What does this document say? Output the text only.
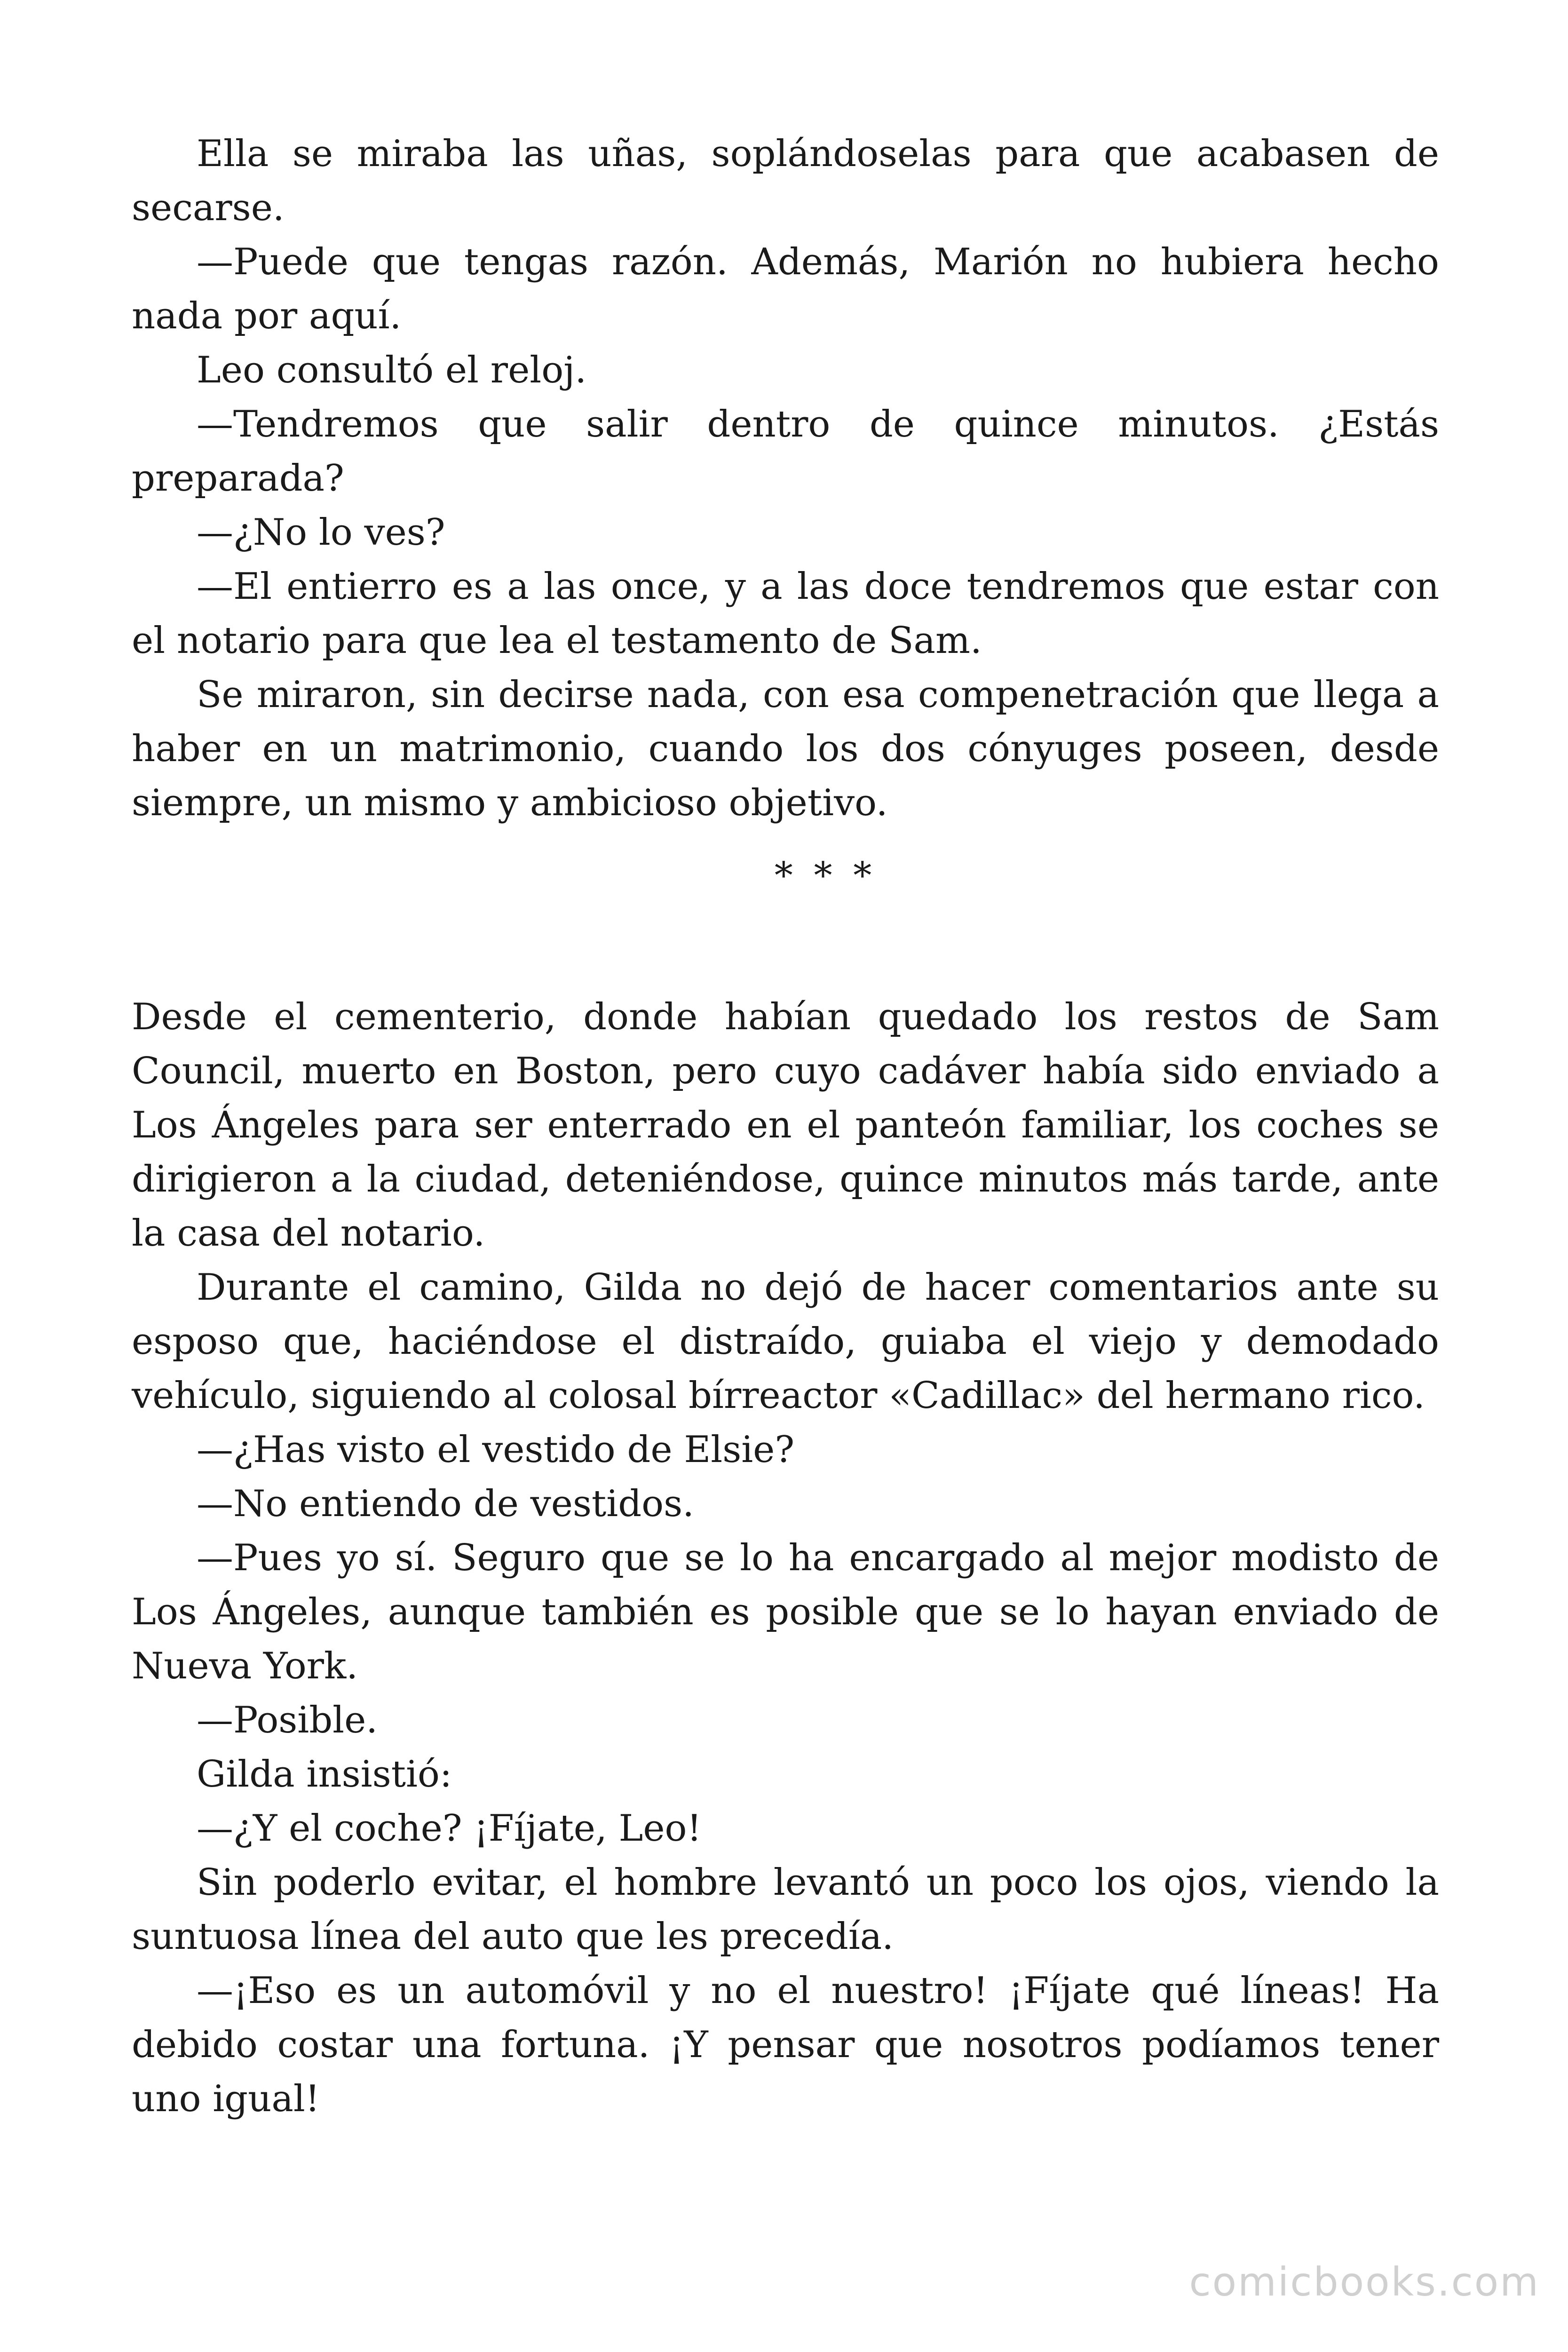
Ella se miraba las uñas, soplándoselas para que acabasen de secarse.

—Puede que tengas razón. Además, Marión no hubiera hecho nada por aquí.

Leo consultó el reloj.

—Tendremos que salir dentro de quince minutos. ¿Estás preparada?

—¿No lo ves?

—El entierro es a las once, y a las doce tendremos que estar con el notario para que lea el testamento de Sam.

Se miraron, sin decirse nada, con esa compenetración que llega a haber en un matrimonio, cuando los dos cónyuges poseen, desde siempre, un mismo y ambicioso objetivo.

* * *

Desde el cementerio, donde habían quedado los restos de Sam Council, muerto en Boston, pero cuyo cadáver había sido enviado a Los Ángeles para ser enterrado en el panteón familiar, los coches se dirigieron a la ciudad, deteniéndose, quince minutos más tarde, ante la casa del notario.

Durante el camino, Gilda no dejó de hacer comentarios ante su esposo que, haciéndose el distraído, guiaba el viejo y demodado vehículo, siguiendo al colosal bírreactor «Cadillac» del hermano rico.

—¿Has visto el vestido de Elsie?

—No entiendo de vestidos.

—Pues yo sí. Seguro que se lo ha encargado al mejor modisto de Los Ángeles, aunque también es posible que se lo hayan enviado de Nueva York.

—Posible.

Gilda insistió:

—¿Y el coche? ¡Fíjate, Leo!

Sin poderlo evitar, el hombre levantó un poco los ojos, viendo la suntuosa línea del auto que les precedía.

—¡Eso es un automóvil y no el nuestro! ¡Fíjate qué líneas! Ha debido costar una fortuna. ¡Y pensar que nosotros podíamos tener uno igual!

comicbooks.com
